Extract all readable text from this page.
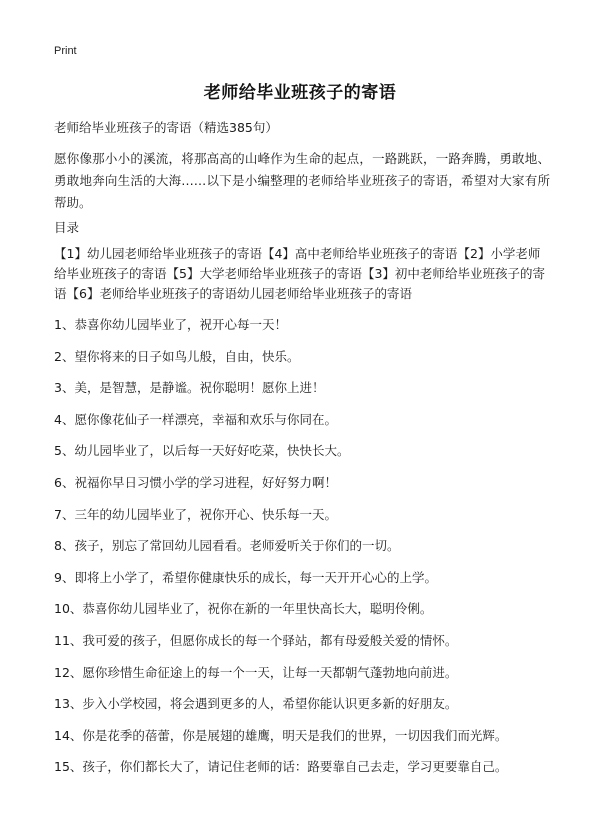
Print
老师给毕业班孩子的寄语
老师给毕业班孩子的寄语（精选385句）
愿你像那小小的溪流，将那高高的山峰作为生命的起点，一路跳跃，一路奔腾，勇敢地、勇敢地奔向生活的大海……以下是小编整理的老师给毕业班孩子的寄语，希望对大家有所帮助。
目录
【1】幼儿园老师给毕业班孩子的寄语【4】高中老师给毕业班孩子的寄语【2】小学老师给毕业班孩子的寄语【5】大学老师给毕业班孩子的寄语【3】初中老师给毕业班孩子的寄语【6】老师给毕业班孩子的寄语幼儿园老师给毕业班孩子的寄语
1、恭喜你幼儿园毕业了，祝开心每一天！
2、望你将来的日子如鸟儿般，自由，快乐。
3、美，是智慧，是静谧。祝你聪明！愿你上进！
4、愿你像花仙子一样漂亮，幸福和欢乐与你同在。
5、幼儿园毕业了，以后每一天好好吃菜，快快长大。
6、祝福你早日习惯小学的学习进程，好好努力啊！
7、三年的幼儿园毕业了，祝你开心、快乐每一天。
8、孩子，别忘了常回幼儿园看看。老师爱听关于你们的一切。
9、即将上小学了，希望你健康快乐的成长，每一天开开心心的上学。
10、恭喜你幼儿园毕业了，祝你在新的一年里快高长大，聪明伶俐。
11、我可爱的孩子，但愿你成长的每一个驿站，都有母爱般关爱的情怀。
12、愿你珍惜生命征途上的每一个一天，让每一天都朝气蓬勃地向前进。
13、步入小学校园，将会遇到更多的人，希望你能认识更多新的好朋友。
14、你是花季的蓓蕾，你是展翅的雄鹰，明天是我们的世界，一切因我们而光辉。
15、孩子，你们都长大了，请记住老师的话：路要靠自己去走，学习更要靠自己。
